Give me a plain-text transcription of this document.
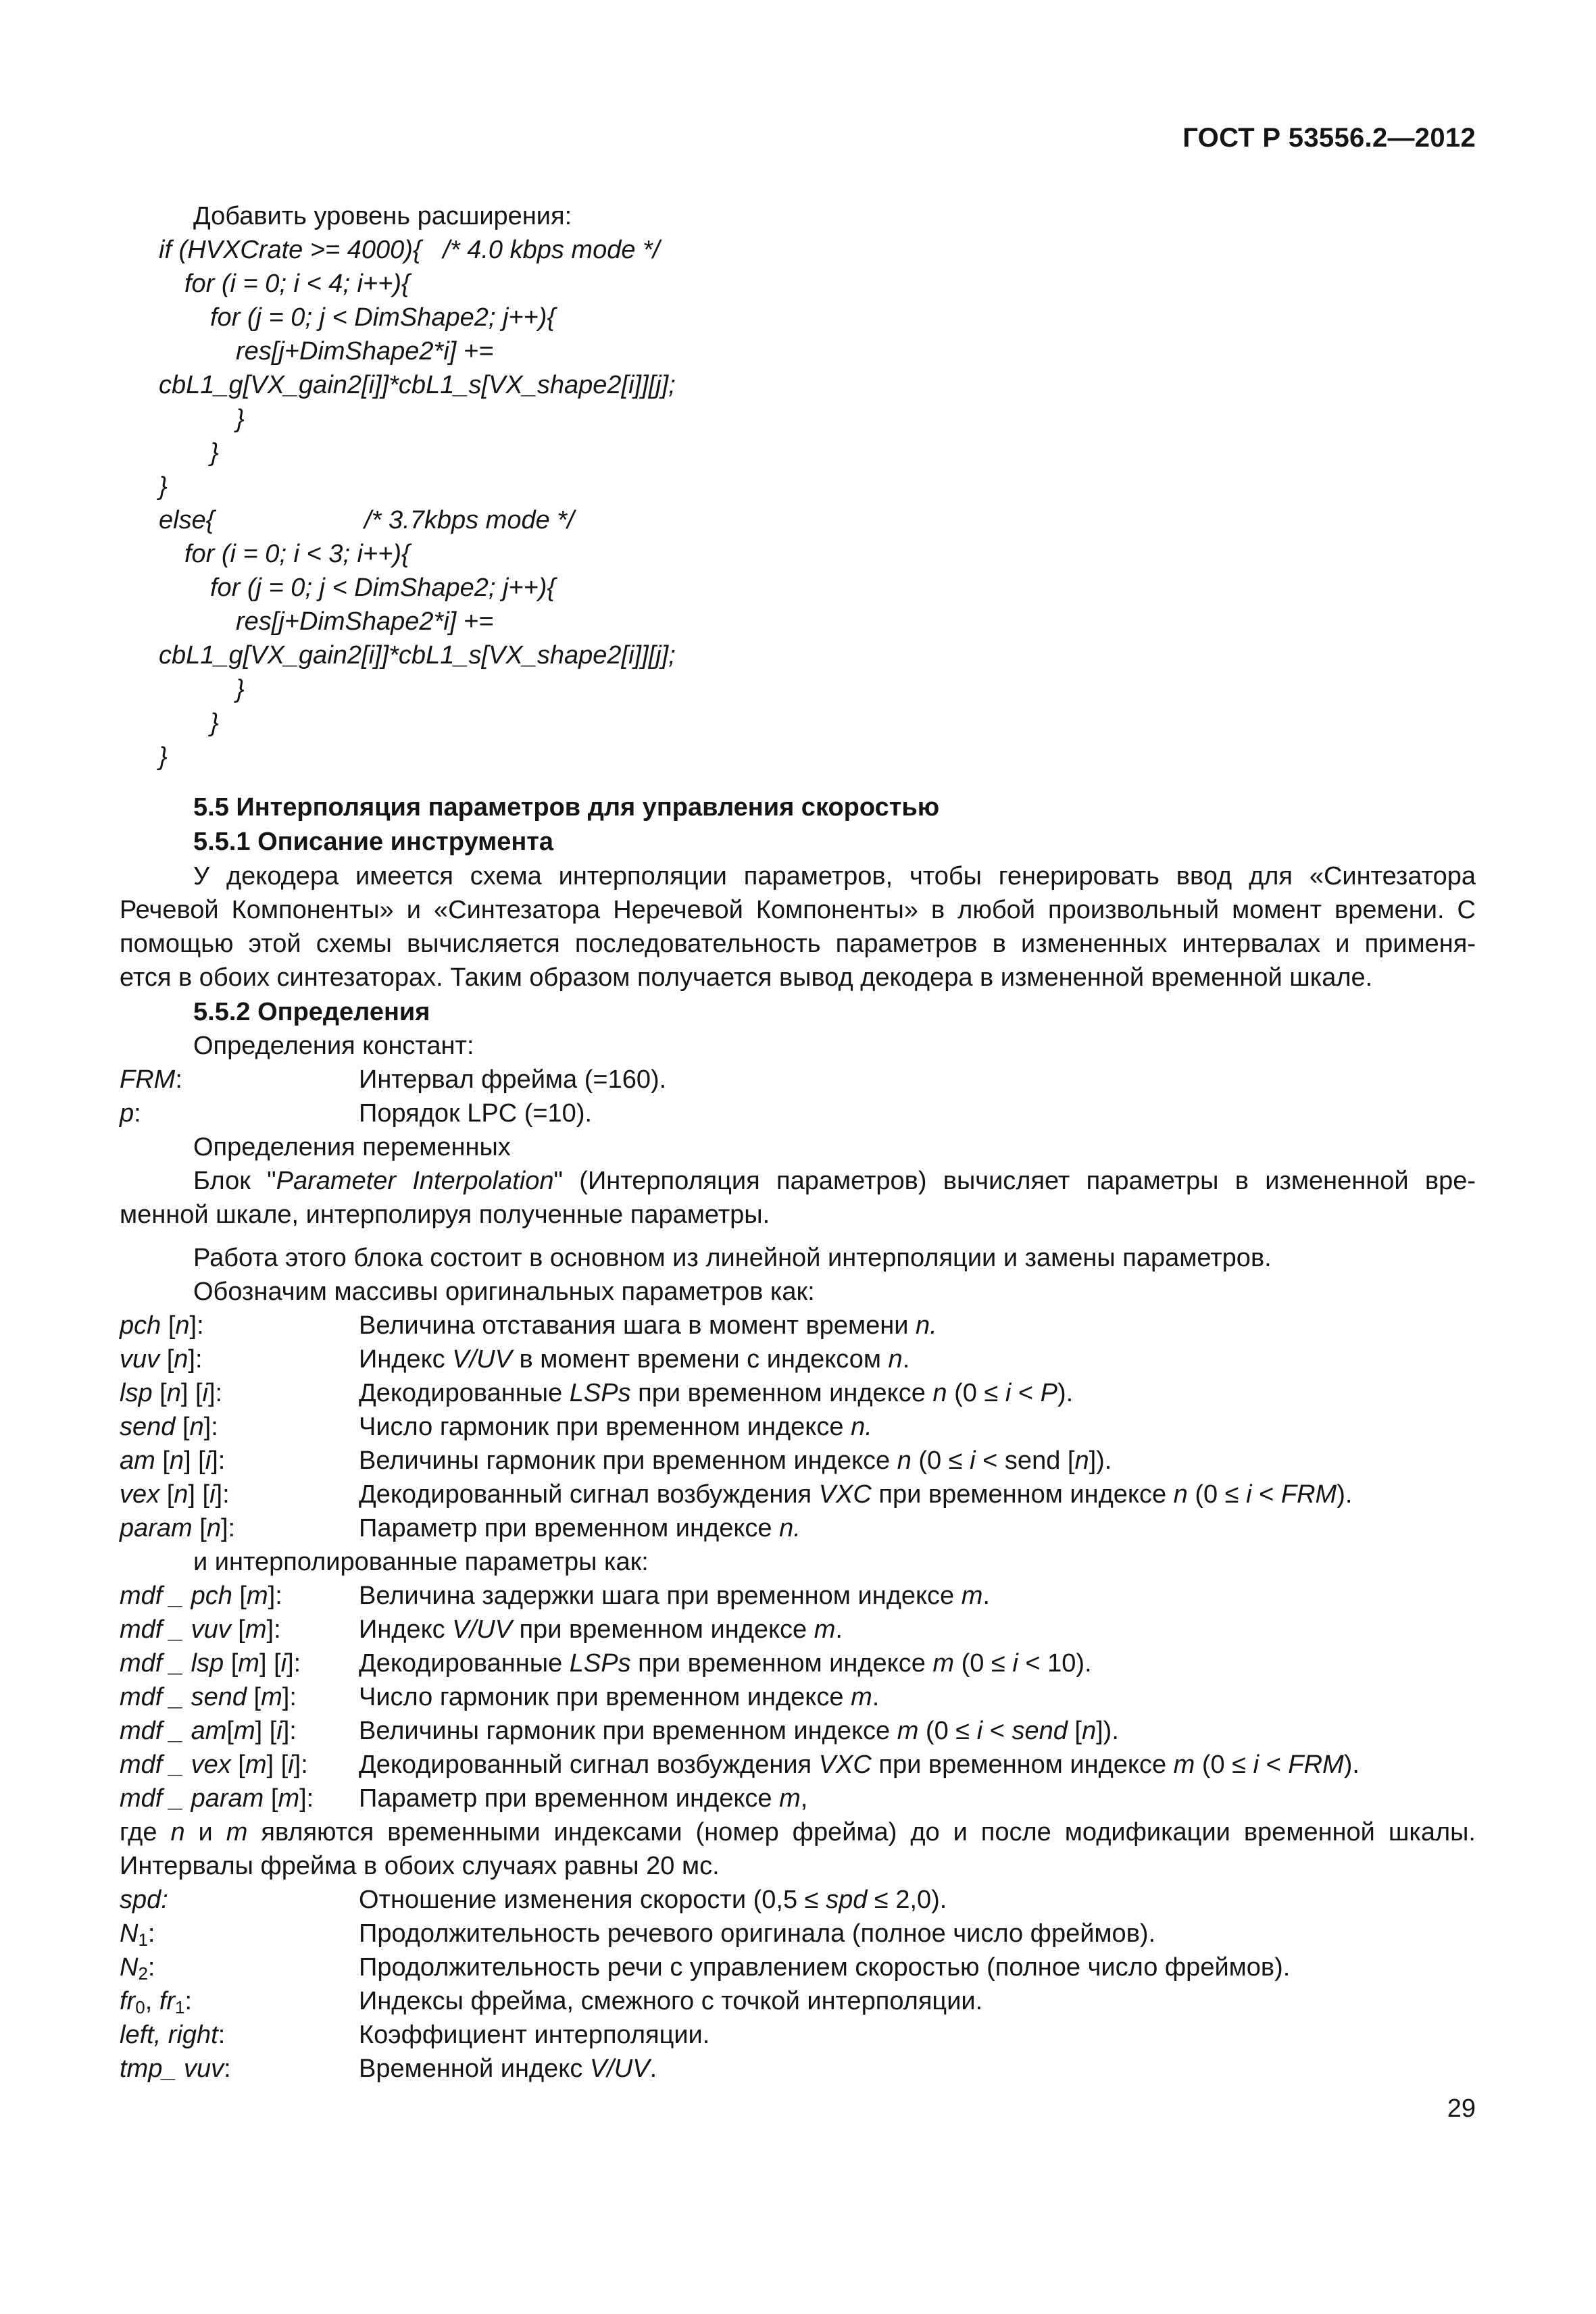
ГОСТ Р 53556.2—2012
Добавить уровень расширения:
if (HVXCrate >= 4000){   /* 4.0 kbps mode */
for (i = 0; i < 4; i++){
for (j = 0; j < DimShape2; j++){
res[j+DimShape2*i] +=
cbL1_g[VX_gain2[i]]*cbL1_s[VX_shape2[i]][j];
}
}
}
else{                     /* 3.7kbps mode */
for (i = 0; i < 3; i++){
for (j = 0; j < DimShape2; j++){
res[j+DimShape2*i] +=
cbL1_g[VX_gain2[i]]*cbL1_s[VX_shape2[i]][j];
}
}
}
5.5 Интерполяция параметров для управления скоростью
5.5.1 Описание инструмента
У декодера имеется схема интерполяции параметров, чтобы генерировать ввод для «Синтезатора
Речевой Компоненты» и «Синтезатора Неречевой Компоненты» в любой произвольный момент времени. С
помощью этой схемы вычисляется последовательность параметров в измененных интервалах и применя-
ется в обоих синтезаторах. Таким образом получается вывод декодера в измененной временной шкале.
5.5.2 Определения
Определения констант:
FRM:	Интервал фрейма (=160).
p:	Порядок LPC (=10).
Определения переменных
Блок "Parameter Interpolation" (Интерполяция параметров) вычисляет параметры в измененной вре-
менной шкале, интерполируя полученные параметры.
Работа этого блока состоит в основном из линейной интерполяции и замены параметров.
Обозначим массивы оригинальных параметров как:
pch [n]:	Величина отставания шага в момент времени n.
vuv [n]:	Индекс V/UV в момент времени с индексом n.
lsp [n] [i]:	Декодированные LSPs при временном индексе n (0 ≤ i < P).
send [n]:	Число гармоник при временном индексе n.
am [n] [i]:	Величины гармоник при временном индексе n (0 ≤ i < send [n]).
vex [n] [i]:	Декодированный сигнал возбуждения VXC при временном индексе n (0 ≤ i < FRM).
param [n]:	Параметр при временном индексе n.
и интерполированные параметры как:
mdf _ pch [m]:	Величина задержки шага при временном индексе m.
mdf _ vuv [m]:	Индекс V/UV при временном индексе m.
mdf _ lsp [m] [i]: Декодированные LSPs при временном индексе m (0 ≤ i < 10).
mdf _ send [m]: Число гармоник при временном индексе m.
mdf _ am[m] [i]: Величины гармоник при временном индексе m (0 ≤ i < send [n]).
mdf _ vex [m] [i]: Декодированный сигнал возбуждения VXC при временном индексе m (0 ≤ i < FRM).
mdf _ param [m]: Параметр при временном индексе m,
где n и m являются временными индексами (номер фрейма) до и после модификации временной шкалы.
Интервалы фрейма в обоих случаях равны 20 мс.
spd:	Отношение изменения скорости (0,5 ≤ spd ≤ 2,0).
$N_1$:	Продолжительность речевого оригинала (полное число фреймов).
$N_2$:	Продолжительность речи с управлением скоростью (полное число фреймов).
$fr_0$, $fr_1$:	Индексы фрейма, смежного с точкой интерполяции.
left, right:	Коэффициент интерполяции.
tmp_ vuv:	Временной индекс V/UV.
29
